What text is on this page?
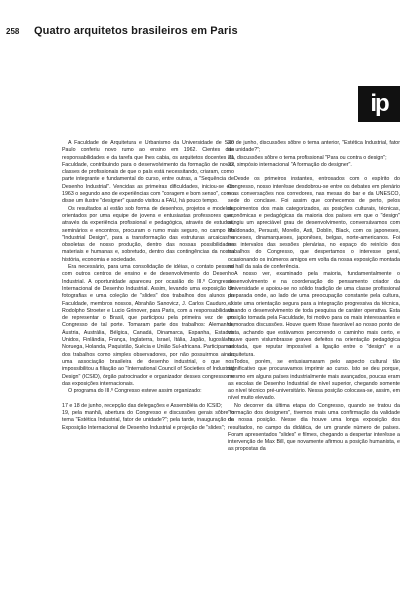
258 Quatro arquitetos brasileiros em Paris
ip

A Faculdade de Arquitetura e Urbanismo da Universidade de São Paulo conferiu novo rumo ao ensino em 1962. Cientes das responsabilidades e da tarefa que lhes cabia, os arquitetos docentes da Faculdade, contribuindo para o desenvolvimento da formação de novas classes de profissionais de que o país está necessitando, criaram, como parte integrante e fundamental do curso, entre outras, a "Sequência de Desenho Industrial". Vencidas as primeiras dificuldades, iniciou-se em 1963 o segundo ano de experiências com "coragem e bom senso", como disse um ilustre "designer" quando visitou a FAU, há pouco tempo.

Os resultados aí estão sob forma de desenhos, projetos e modelos, orientados por uma equipe de jovens e entusiastas professores que, através da experiência profissional e pedagógica, através de estudos, seminários e encontros, procuram o rumo mais seguro, no campo do "Industrial Design", para a transformação das estruturas arcaicas e obsoletas de nosso produção, dentro das nossas possibilidades materiais e humanas e, sobretudo, dentro das contingências da nossa história, economia e sociedade.

Era necessário, para uma consolidação de idéias, o contato pessoal com outros centros de ensino e de desenvolvimento do Desenho Industrial. A oportunidade apareceu por ocasião do III.º Congresso Internacional de Desenho Industrial. Assim, levando uma exposição de fotografias e uma coleção de "slides" dos trabalhos dos alunos da Faculdade, membros nossos, Abrahão Sanovicz, J. Carlos Cauduro, J. Rodolpho Stroeter e Lucio Grinover, para Paris, com a responsabilidade de representar o Brasil, que participou pela primeira vez de um Congresso de tal porte. Tomaram parte dos trabalhos: Alemanha, Áustria, Austrália, Bélgica, Canadá, Dinamarca, Espanha, Estados Unidos, Finlândia, França, Inglaterra, Israel, Itália, Japão, Iugoslávia, Noruega, Holanda, Paquistão, Suécia e União Sul-africana. Participamos dos trabalhos como simples observadores, por não possuirmos ainda uma associação brasileira de desenho industrial, o que nos impossibilitou a filiação ao "International Council of Societies of Industrial Design" (ICSID), órgão patrocinador e organizador desses congressos e das exposições internacionais.

O programa do III.º Congresso esteve assim organizado:

17 e 18 de junho, recepção das delegações e Assembléia do ICSID;

19, pela manhã, abertura do Congresso e discussões gerais sôbre o tema "Estética Industrial, fator de unidade?"; pela tarde, inauguração da Exposição Internacional de Desenho Industrial e projeção de "slides";

20 de junho, discussões sôbre o tema anterior, "Estética Industrial, fator de unidade?";

21, discussões sôbre o tema profissional "Para ou contra o design";

22, simpósio internacional "A formação do designer".

Desde os primeiros instantes, entrosados com o espírito do Congresso, nosso interêsse desdobrou-se entre os debates em plenário e as conversações nos corredores, nas mesas do bar e da UNESCO, sede do conclave. Foi assim que conhecemos de perto, pelos depoimentos dos mais categorizados, as posições culturais, técnicas, econômicas e pedagógicas da maioria dos países em que o "design" atingiu um apreciável grau de desenvolvimento, conversávamos com Maldonado, Persusti, Morello, Asti, Doblin, Black, com os japoneses, franceses, dinamarqueses, japonêses, belgas, norte-americanos. Foi nos intervalos das sessões plenárias, no espaço do reinício dos trabalhos do Congresso, que despertamos o interesse geral, ocasionando os inúmeros amigos em volta da nossa exposição montada no hall da sala de conferência.

A nosso ver, examinado pela maioria, fundamentalmente o desenvolvimento e na coordenação do pensamento criador da Universidade e apoiou-se no sólido tradição de uma classe profissional preparada onde, ao lado de uma preocupação constante pela cultura, existe uma orientação segura para a integração progressiva da técnica, visando o desenvolvimento de toda pesquisa de caráter operativa. Esta posição tomada pela Faculdade, foi motivo para os mais interessantes e demorados discussões. Houve quem fôsse favorável ao nosso ponto de vista, achando que estávamos percorrendo o caminho mais certo, e houve quem vislumbrasse graves defeitos na orientação pedagógica adotada, que reputar impossível a ligação entre o "design" e a arquitetura.

Todos, porém, se entusiasmaram pelo aspecto cultural tão significativo que procuravamos imprimir ao curso. Isto se deu porque, mesmo em alguns países industrialmente mais avançados, poucas eram as escolas de Desenho Industrial de nível superior, chegando somente ao nível técnico pré-universitário. Nessa posição colocava-se, assim, em nível muito elevado.

No decorrer da última etapa do Congresso, quando se tratou da "formação dos designers", tivemos mais uma confirmação da validade de nossa posição. Nesse dia houve uma longa exposição dos resultados, no campo da didática, de um grande número de países. Foram apresentados "slides" e filmes, chegando a despertar interêsse a intervenção de Max Bill, que novamente afirmou a posição humanista, e as propostas da
